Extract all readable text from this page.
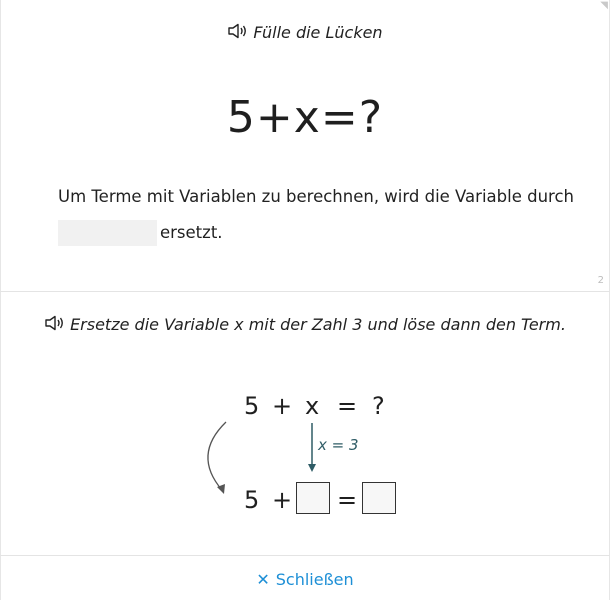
◥
Fülle die Lücken
5+x=?
Um Terme mit Variablen zu berechnen, wird die Variable durch
ersetzt.
2
Ersetze die Variable x mit der Zahl 3 und löse dann den Term.
5 + x = ?
x = 3
5 + =
✕ Schließen
